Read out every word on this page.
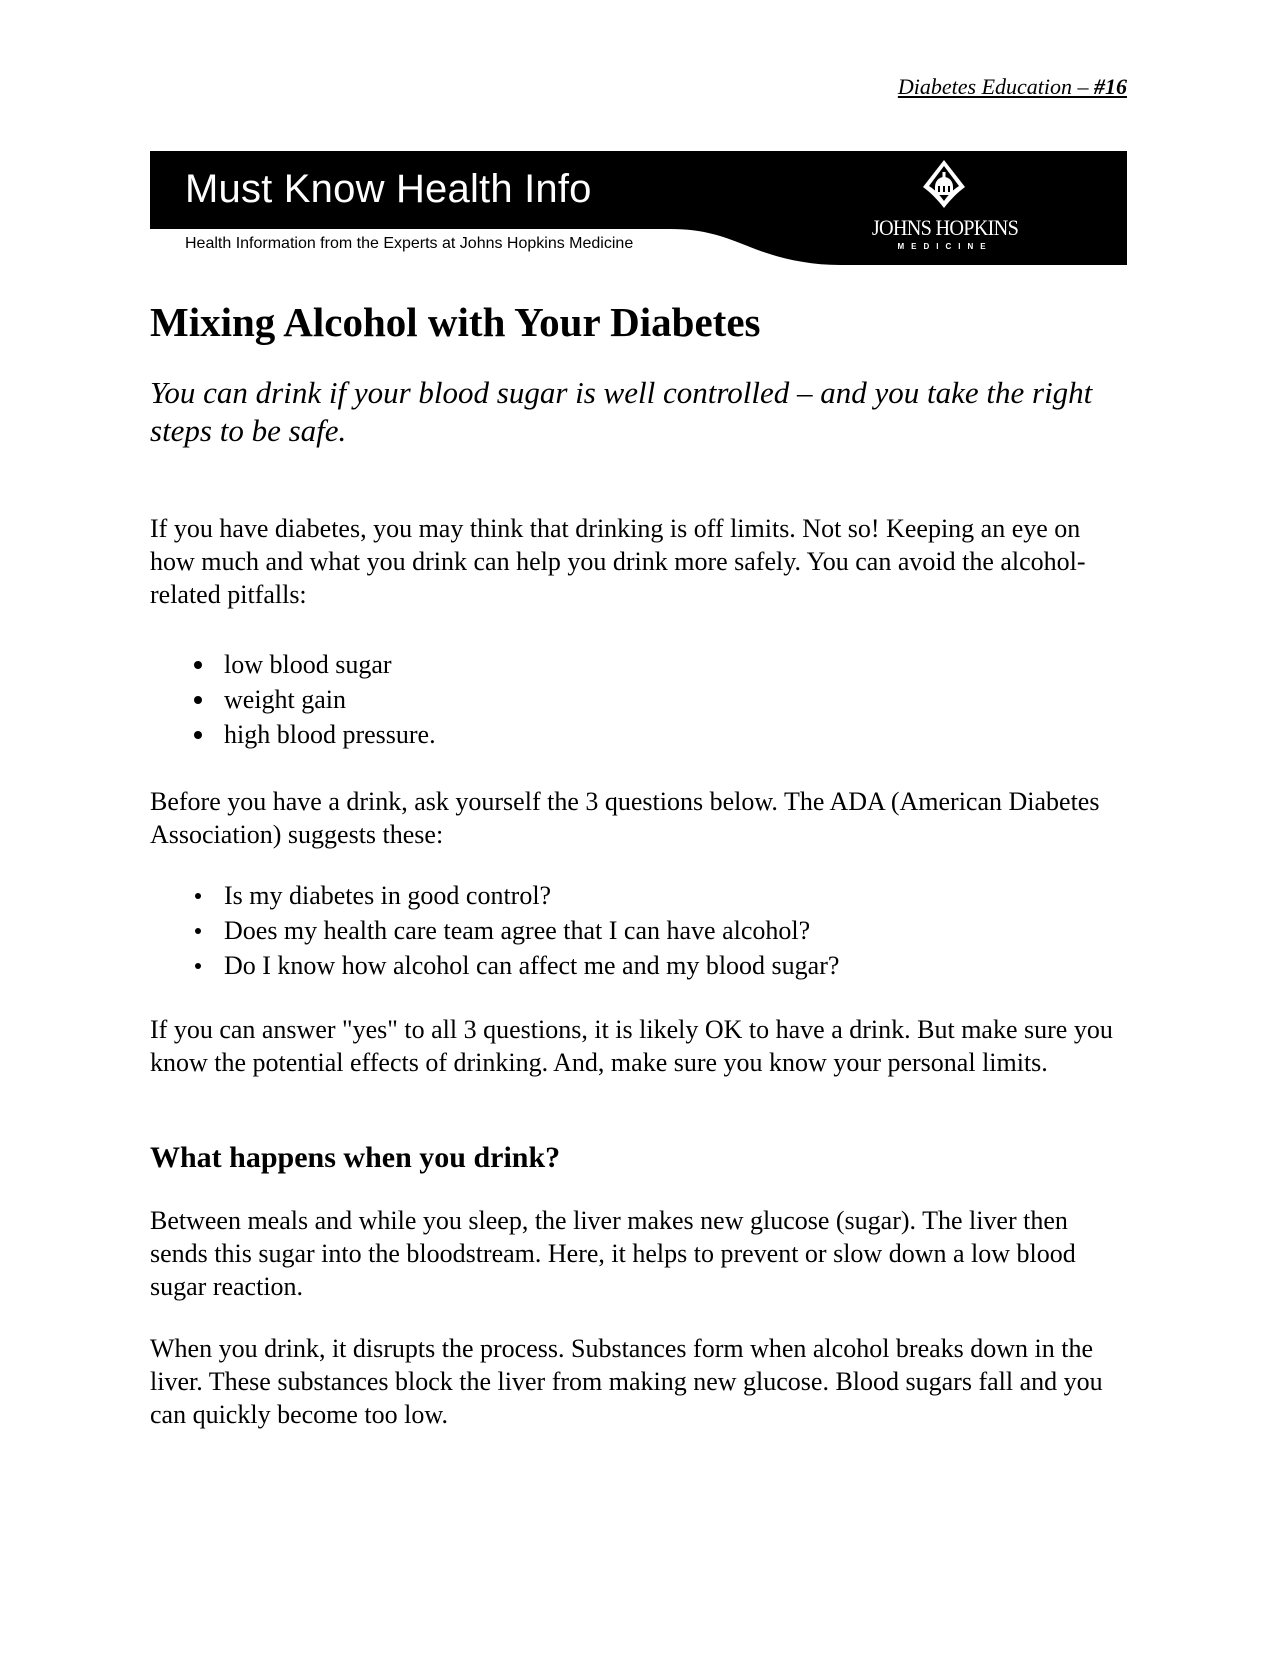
Diabetes Education – #16
Must Know Health Info
Health Information from the Experts at Johns Hopkins Medicine
JOHNS HOPKINS
MEDICINE
Mixing Alcohol with Your Diabetes

You can drink if your blood sugar is well controlled – and you take the right steps to be safe.

If you have diabetes, you may think that drinking is off limits. Not so! Keeping an eye on how much and what you drink can help you drink more safely. You can avoid the alcohol-related pitfalls:

low blood sugar
weight gain
high blood pressure.

Before you have a drink, ask yourself the 3 questions below. The ADA (American Diabetes Association) suggests these:

Is my diabetes in good control?
Does my health care team agree that I can have alcohol?
Do I know how alcohol can affect me and my blood sugar?

If you can answer "yes" to all 3 questions, it is likely OK to have a drink. But make sure you know the potential effects of drinking. And, make sure you know your personal limits.

What happens when you drink?

Between meals and while you sleep, the liver makes new glucose (sugar). The liver then sends this sugar into the bloodstream. Here, it helps to prevent or slow down a low blood sugar reaction.

When you drink, it disrupts the process. Substances form when alcohol breaks down in the liver. These substances block the liver from making new glucose. Blood sugars fall and you can quickly become too low.
